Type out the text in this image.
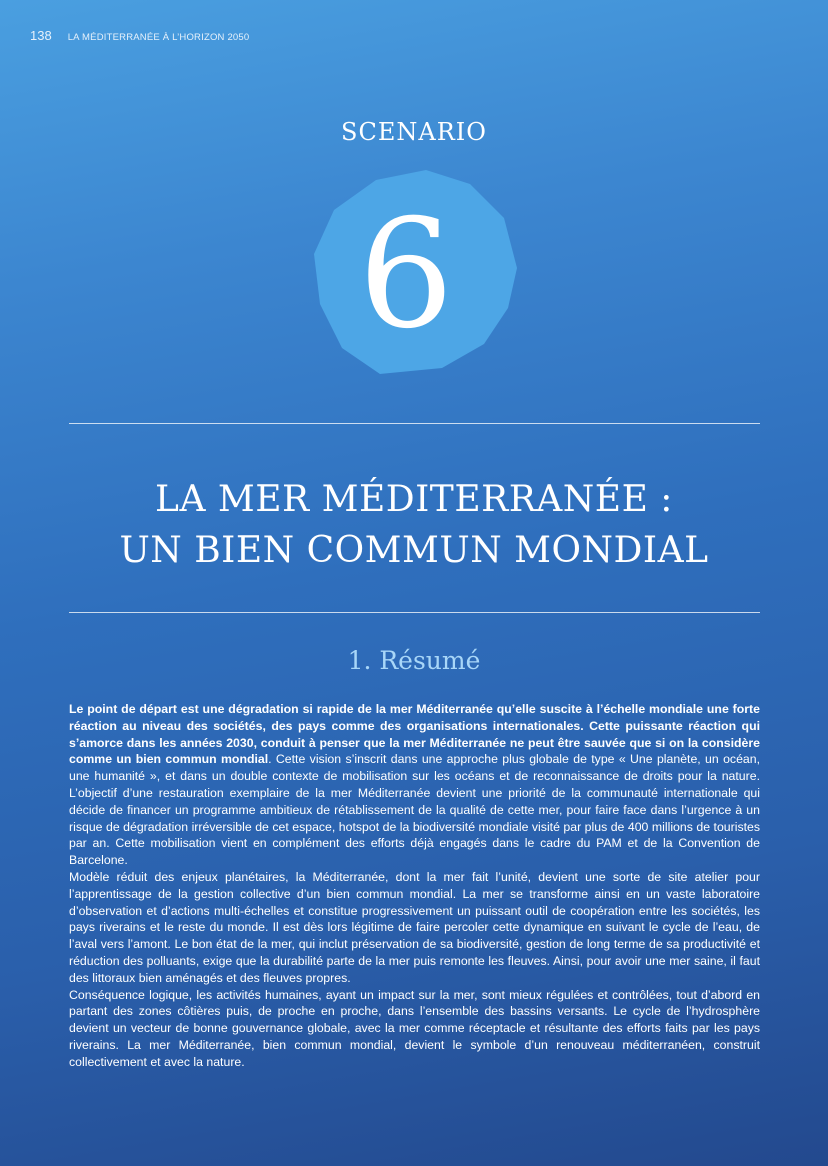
138 LA MÉDITERRANÉE À L’HORIZON 2050
SCENARIO
6
LA MER MÉDITERRANÉE :
UN BIEN COMMUN MONDIAL
1. Résumé

Le point de départ est une dégradation si rapide de la mer Méditerranée qu’elle suscite à l’échelle mondiale une forte réaction au niveau des sociétés, des pays comme des organisations internationales. Cette puissante réaction qui s’amorce dans les années 2030, conduit à penser que la mer Méditerranée ne peut être sauvée que si on la considère comme un bien commun mondial. Cette vision s’inscrit dans une approche plus globale de type « Une planète, un océan, une humanité », et dans un double contexte de mobilisation sur les océans et de reconnaissance de droits pour la nature. L’objectif d’une restauration exemplaire de la mer Méditerranée devient une priorité de la communauté internationale qui décide de financer un programme ambitieux de rétablissement de la qualité de cette mer, pour faire face dans l’urgence à un risque de dégradation irréversible de cet espace, hotspot de la biodiversité mondiale visité par plus de 400 millions de touristes par an. Cette mobilisation vient en complément des efforts déjà engagés dans le cadre du PAM et de la Convention de Barcelone.

Modèle réduit des enjeux planétaires, la Méditerranée, dont la mer fait l’unité, devient une sorte de site atelier pour l’apprentissage de la gestion collective d’un bien commun mondial. La mer se transforme ainsi en un vaste laboratoire d’observation et d’actions multi-échelles et constitue progressivement un puissant outil de coopération entre les sociétés, les pays riverains et le reste du monde. Il est dès lors légitime de faire percoler cette dynamique en suivant le cycle de l’eau, de l’aval vers l’amont. Le bon état de la mer, qui inclut préservation de sa biodiversité, gestion de long terme de sa productivité et réduction des polluants, exige que la durabilité parte de la mer puis remonte les fleuves. Ainsi, pour avoir une mer saine, il faut des littoraux bien aménagés et des fleuves propres.

Conséquence logique, les activités humaines, ayant un impact sur la mer, sont mieux régulées et contrôlées, tout d’abord en partant des zones côtières puis, de proche en proche, dans l’ensemble des bassins versants. Le cycle de l’hydrosphère devient un vecteur de bonne gouvernance globale, avec la mer comme réceptacle et résultante des efforts faits par les pays riverains. La mer Méditerranée, bien commun mondial, devient le symbole d’un renouveau méditerranéen, construit collectivement et avec la nature.
